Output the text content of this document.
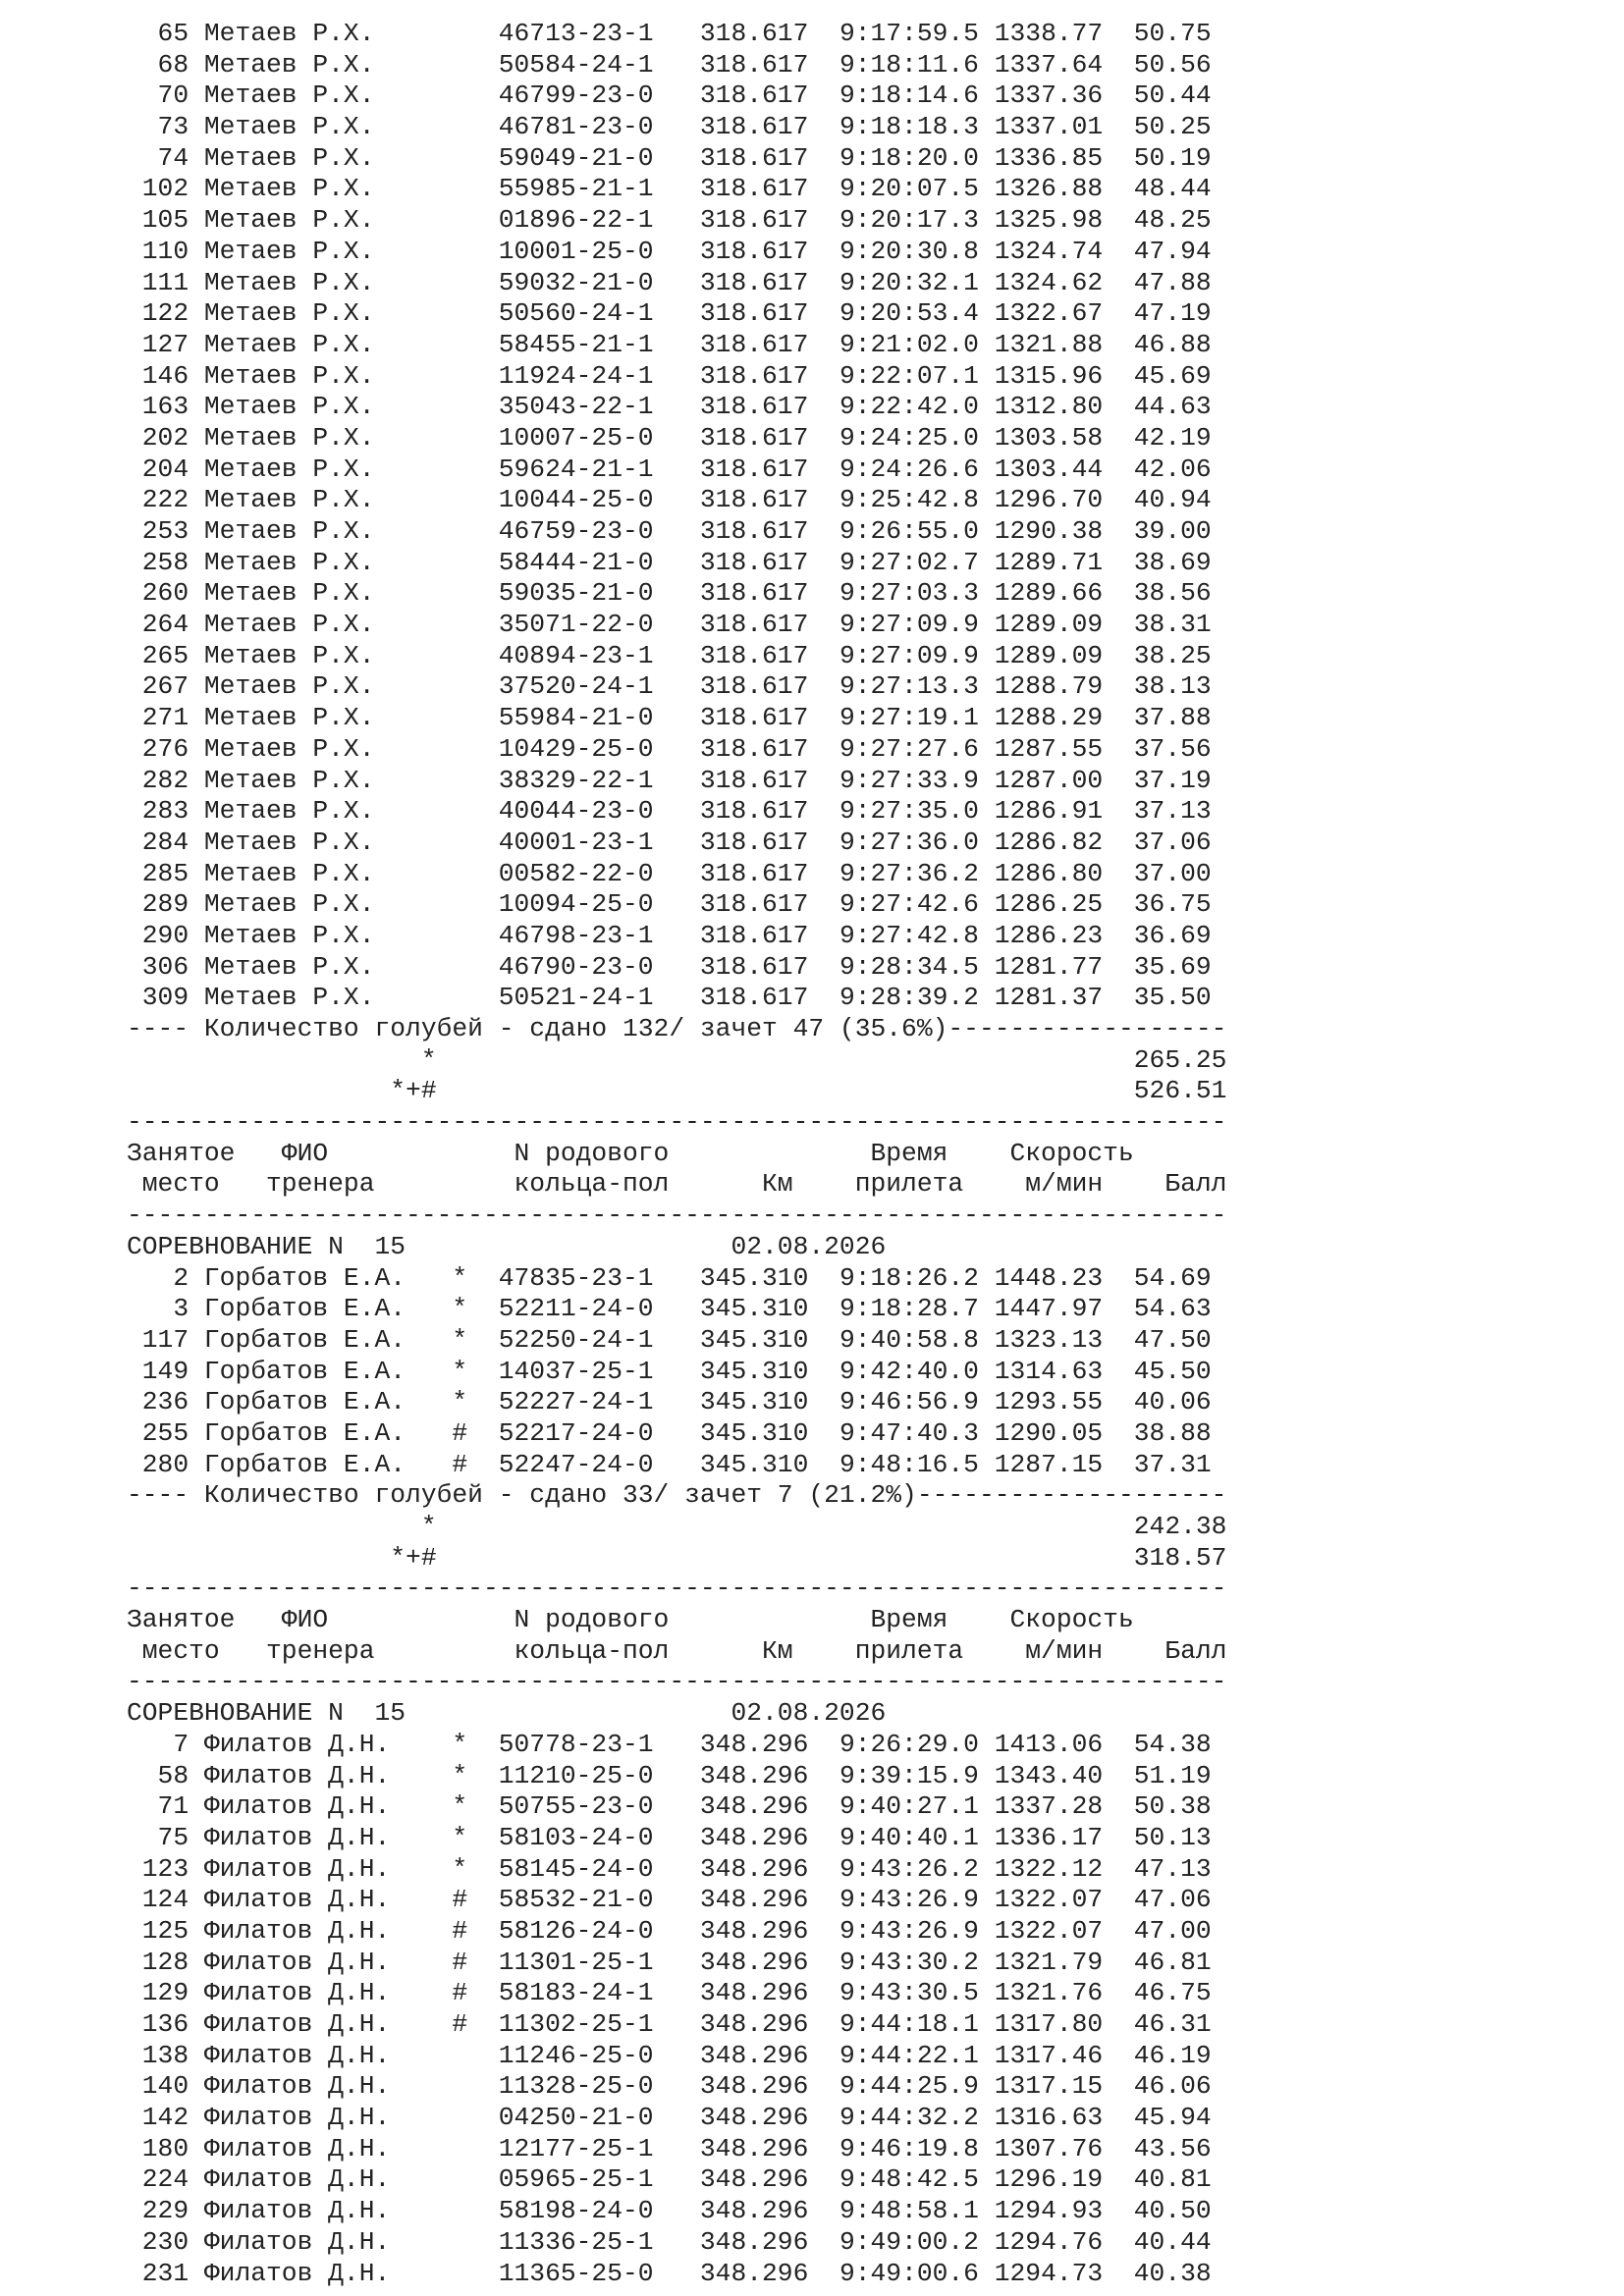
65 Метаев Р.Х.        46713-23-1 318.617 9:17:59.5 1338.77 50.75
68 Метаев Р.Х.        50584-24-1 318.617 9:18:11.6 1337.64 50.56
70 Метаев Р.Х.        46799-23-0 318.617 9:18:14.6 1337.36 50.44
73 Метаев Р.Х.        46781-23-0 318.617 9:18:18.3 1337.01 50.25
74 Метаев Р.Х.        59049-21-0 318.617 9:18:20.0 1336.85 50.19
102 Метаев Р.Х.        55985-21-1 318.617 9:20:07.5 1326.88 48.44
105 Метаев Р.Х.        01896-22-1 318.617 9:20:17.3 1325.98 48.25
110 Метаев Р.Х.        10001-25-0 318.617 9:20:30.8 1324.74 47.94
111 Метаев Р.Х.        59032-21-0 318.617 9:20:32.1 1324.62 47.88
122 Метаев Р.Х.        50560-24-1 318.617 9:20:53.4 1322.67 47.19
127 Метаев Р.Х.        58455-21-1 318.617 9:21:02.0 1321.88 46.88
146 Метаев Р.Х.        11924-24-1 318.617 9:22:07.1 1315.96 45.69
163 Метаев Р.Х.        35043-22-1 318.617 9:22:42.0 1312.80 44.63
202 Метаев Р.Х.        10007-25-0 318.617 9:24:25.0 1303.58 42.19
204 Метаев Р.Х.        59624-21-1 318.617 9:24:26.6 1303.44 42.06
222 Метаев Р.Х.        10044-25-0 318.617 9:25:42.8 1296.70 40.94
253 Метаев Р.Х.        46759-23-0 318.617 9:26:55.0 1290.38 39.00
258 Метаев Р.Х.        58444-21-0 318.617 9:27:02.7 1289.71 38.69
260 Метаев Р.Х.        59035-21-0 318.617 9:27:03.3 1289.66 38.56
264 Метаев Р.Х.        35071-22-0 318.617 9:27:09.9 1289.09 38.31
265 Метаев Р.Х.        40894-23-1 318.617 9:27:09.9 1289.09 38.25
267 Метаев Р.Х.        37520-24-1 318.617 9:27:13.3 1288.79 38.13
271 Метаев Р.Х.        55984-21-0 318.617 9:27:19.1 1288.29 37.88
276 Метаев Р.Х.        10429-25-0 318.617 9:27:27.6 1287.55 37.56
282 Метаев Р.Х.        38329-22-1 318.617 9:27:33.9 1287.00 37.19
283 Метаев Р.Х.        40044-23-0 318.617 9:27:35.0 1286.91 37.13
284 Метаев Р.Х.        40001-23-1 318.617 9:27:36.0 1286.82 37.06
285 Метаев Р.Х.        00582-22-0 318.617 9:27:36.2 1286.80 37.00
289 Метаев Р.Х.        10094-25-0 318.617 9:27:42.6 1286.25 36.75
290 Метаев Р.Х.        46798-23-1 318.617 9:27:42.8 1286.23 36.69
306 Метаев Р.Х.        46790-23-0 318.617 9:28:34.5 1281.77 35.69
309 Метаев Р.Х.        50521-24-1 318.617 9:28:39.2 1281.37 35.50
---- Количество голубей - сдано 132/ зачет 47 (35.6%)------------------
*                                             265.25
*+#                                             526.51
-----------------------------------------------------------------------
Занятое   ФИО            N родового             Время    Скорость
место   тренера         кольца-пол      Км    прилета    м/мин    Балл
-----------------------------------------------------------------------
СОРЕВНОВАНИЕ N  15                     02.08.2026
2 Горбатов Е.А.   *  47835-23-1 345.310 9:18:26.2 1448.23 54.69
3 Горбатов Е.А.   *  52211-24-0 345.310 9:18:28.7 1447.97 54.63
117 Горбатов Е.А.   *  52250-24-1 345.310 9:40:58.8 1323.13 47.50
149 Горбатов Е.А.   *  14037-25-1 345.310 9:42:40.0 1314.63 45.50
236 Горбатов Е.А.   *  52227-24-1 345.310 9:46:56.9 1293.55 40.06
255 Горбатов Е.А.   #  52217-24-0 345.310 9:47:40.3 1290.05 38.88
280 Горбатов Е.А.   #  52247-24-0 345.310 9:48:16.5 1287.15 37.31
---- Количество голубей - сдано 33/ зачет 7 (21.2%)--------------------
*                                             242.38
*+#                                             318.57
-----------------------------------------------------------------------
Занятое   ФИО            N родового             Время    Скорость
место   тренера         кольца-пол      Км    прилета    м/мин    Балл
-----------------------------------------------------------------------
СОРЕВНОВАНИЕ N  15                     02.08.2026
7 Филатов Д.Н.    *  50778-23-1 348.296 9:26:29.0 1413.06 54.38
58 Филатов Д.Н.    *  11210-25-0 348.296 9:39:15.9 1343.40 51.19
71 Филатов Д.Н.    *  50755-23-0 348.296 9:40:27.1 1337.28 50.38
75 Филатов Д.Н.    *  58103-24-0 348.296 9:40:40.1 1336.17 50.13
123 Филатов Д.Н.    *  58145-24-0 348.296 9:43:26.2 1322.12 47.13
124 Филатов Д.Н.    #  58532-21-0 348.296 9:43:26.9 1322.07 47.06
125 Филатов Д.Н.    #  58126-24-0 348.296 9:43:26.9 1322.07 47.00
128 Филатов Д.Н.    #  11301-25-1 348.296 9:43:30.2 1321.79 46.81
129 Филатов Д.Н.    #  58183-24-1 348.296 9:43:30.5 1321.76 46.75
136 Филатов Д.Н.    #  11302-25-1 348.296 9:44:18.1 1317.80 46.31
138 Филатов Д.Н.       11246-25-0 348.296 9:44:22.1 1317.46 46.19
140 Филатов Д.Н.       11328-25-0 348.296 9:44:25.9 1317.15 46.06
142 Филатов Д.Н.       04250-21-0 348.296 9:44:32.2 1316.63 45.94
180 Филатов Д.Н.       12177-25-1 348.296 9:46:19.8 1307.76 43.56
224 Филатов Д.Н.       05965-25-1 348.296 9:48:42.5 1296.19 40.81
229 Филатов Д.Н.       58198-24-0 348.296 9:48:58.1 1294.93 40.50
230 Филатов Д.Н.       11336-25-1 348.296 9:49:00.2 1294.76 40.44
231 Филатов Д.Н.       11365-25-0 348.296 9:49:00.6 1294.73 40.38
